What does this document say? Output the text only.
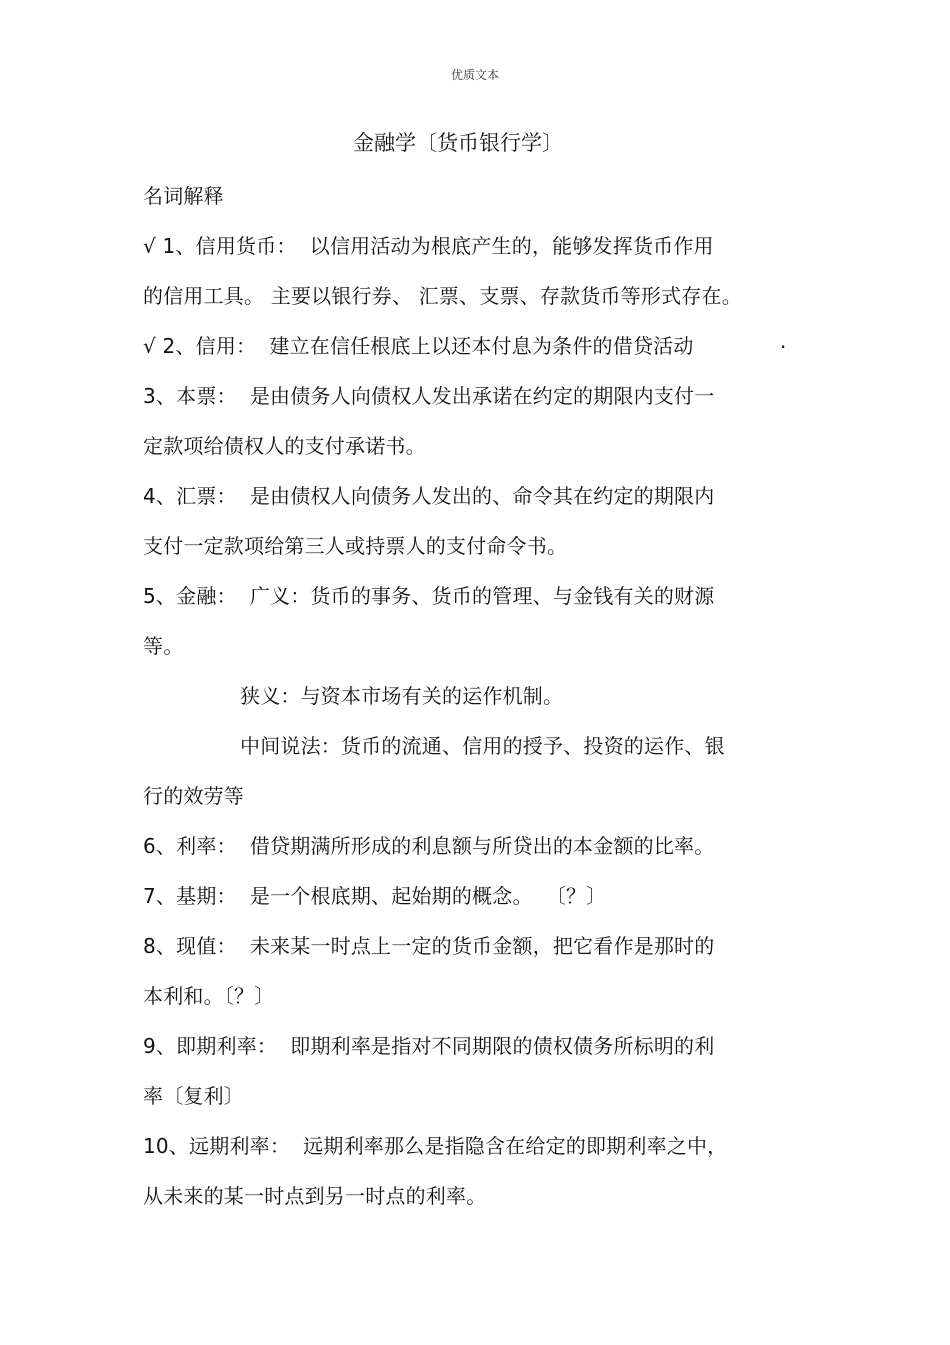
优质文本
金融学〔货币银行学〕
名词解释
√ 1、信用货币：  以信用活动为根底产生的，能够发挥货币作用
的信用工具。 主要以银行券、 汇票、支票、存款货币等形式存在。
√ 2、信用：  建立在信任根底上以还本付息为条件的借贷活动	.
3、本票：  是由债务人向债权人发出承诺在约定的期限内支付一
定款项给债权人的支付承诺书。
4、汇票：  是由债权人向债务人发出的、命令其在约定的期限内
支付一定款项给第三人或持票人的支付命令书。
5、金融：  广义：货币的事务、货币的管理、与金钱有关的财源
等。
狭义：与资本市场有关的运作机制。
中间说法：货币的流通、信用的授予、投资的运作、银
行的效劳等
6、利率：  借贷期满所形成的利息额与所贷出的本金额的比率。
7、基期：  是一个根底期、起始期的概念。  〔？〕
8、现值：  未来某一时点上一定的货币金额，把它看作是那时的
本利和。〔？〕
9、即期利率：  即期利率是指对不同期限的债权债务所标明的利
率〔复利〕
10、远期利率：  远期利率那么是指隐含在给定的即期利率之中，
从未来的某一时点到另一时点的利率。
